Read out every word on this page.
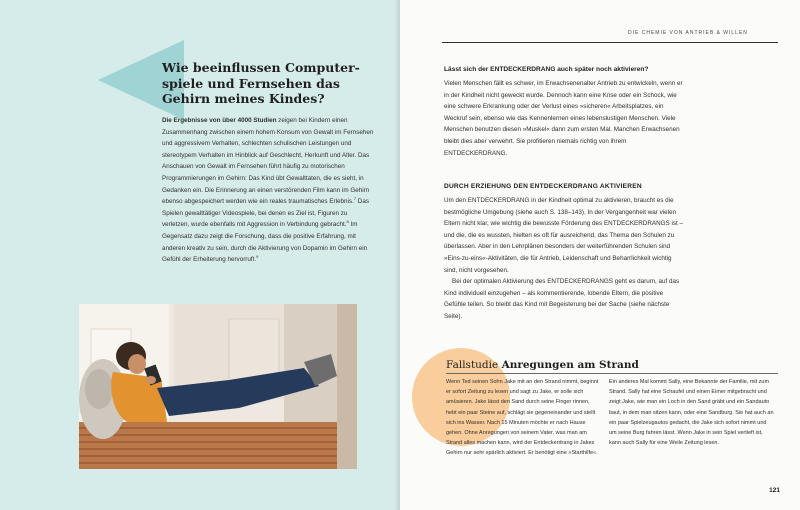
Wie beeinflussen Computerspiele und Fernsehen das Gehirn meines Kindes?
Die Ergebnisse von über 4000 Studien zeigen bei Kindern einen Zusammenhang zwischen einem hohem Konsum von Gewalt im Fernsehen und aggressivem Verhalten, schlechten schulischen Leistungen und stereotypem Verhalten im Hinblick auf Geschlecht, Herkunft und Alter. Das Anschauen von Gewalt im Fernsehen führt häufig zu motorischen Programmierungen im Gehirn: Das Kind übt Gewalttaten, die es sieht, in Gedanken ein. Die Erinnerung an einen verstörenden Film kann im Gehirn ebenso abgespeichert werden wie ein reales traumatisches Erlebnis.$^7$ Das Spielen gewalttätiger Videospiele, bei denen es Ziel ist, Figuren zu verletzen, wurde ebenfalls mit Aggression in Verbindung gebracht.$^8$ Im Gegensatz dazu zeigt die Forschung, dass die positive Erfahrung, mit anderen kreativ zu sein, durch die Aktivierung von Dopamin im Gehirn ein Gefühl der Erheiterung hervorruft.$^9$
DIE CHEMIE VON ANTRIEB & WILLEN
Lässt sich der ENTDECKERDRANG auch später noch aktivieren?
Vielen Menschen fällt es schwer, im Erwachsenenalter Antrieb zu entwickeln, wenn er in der Kindheit nicht geweckt wurde. Dennoch kann eine Krise oder ein Schock, wie eine schwere Erkrankung oder der Verlust eines »sicheren« Arbeitsplatzes, ein Weckruf sein, ebenso wie das Kennenlernen eines lebenslustigen Menschen. Viele Menschen benutzen diesen »Muskel« dann zum ersten Mal. Manchen Erwachsenen bleibt dies aber verwehrt. Sie profitieren niemals richtig von ihrem ENTDECKERDRANG.
DURCH ERZIEHUNG DEN ENTDECKERDRANG AKTIVIEREN

Um den ENTDECKERDRANG in der Kindheit optimal zu aktivieren, braucht es die bestmögliche Umgebung (siehe auch S. 138–143). In der Vergangenheit war vielen Eltern nicht klar, wie wichtig die bewusste Förderung des ENTDECKERDRANGS ist – und die, die es wussten, hielten es oft für ausreichend, das Thema den Schulen zu überlassen. Aber in den Lehrplänen besonders der weiterführenden Schulen sind »Eins-zu-eins«-Aktivitäten, die für Antrieb, Leidenschaft und Beharrlichkeit wichtig sind, nicht vorgesehen.

Bei der optimalen Aktivierung des ENTDECKERDRANGS geht es darum, auf das Kind individuell einzugehen – als kommentierende, lobende Eltern, die positive Gefühle teilen. So bleibt das Kind mit Begeisterung bei der Sache (siehe nächste Seite).

Fallstudie Anregungen am Strand
Wenn Ted seinen Sohn Jake mit an den Strand nimmt, beginnt er sofort Zeitung zu lesen und sagt zu Jake, er solle sich amüsieren. Jake lässt den Sand durch seine Finger rinnen, hebt ein paar Steine auf, schlägt sie gegeneinander und stellt sich ins Wasser. Nach 15 Minuten möchte er nach Hause gehen. Ohne Anregungen von seinem Vater, was man am Strand alles machen kann, wird der Entdeckerdrang in Jakes Gehirn nur sehr spärlich aktiviert. Er benötigt eine »Starthilfe«.
Ein anderes Mal kommt Sally, eine Bekannte der Familie, mit zum Strand. Sally hat eine Schaufel und einen Eimer mitgebracht und zeigt Jake, wie man ein Loch in den Sand gräbt und ein Sandauto baut, in dem man sitzen kann, oder eine Sandburg. Sie hat auch an ein paar Spielzeugautos gedacht, die Jake sich sofort nimmt und um seine Burg fahren lässt. Wenn Jake in sein Spiel vertieft ist, kann auch Sally für eine Weile Zeitung lesen.
121
